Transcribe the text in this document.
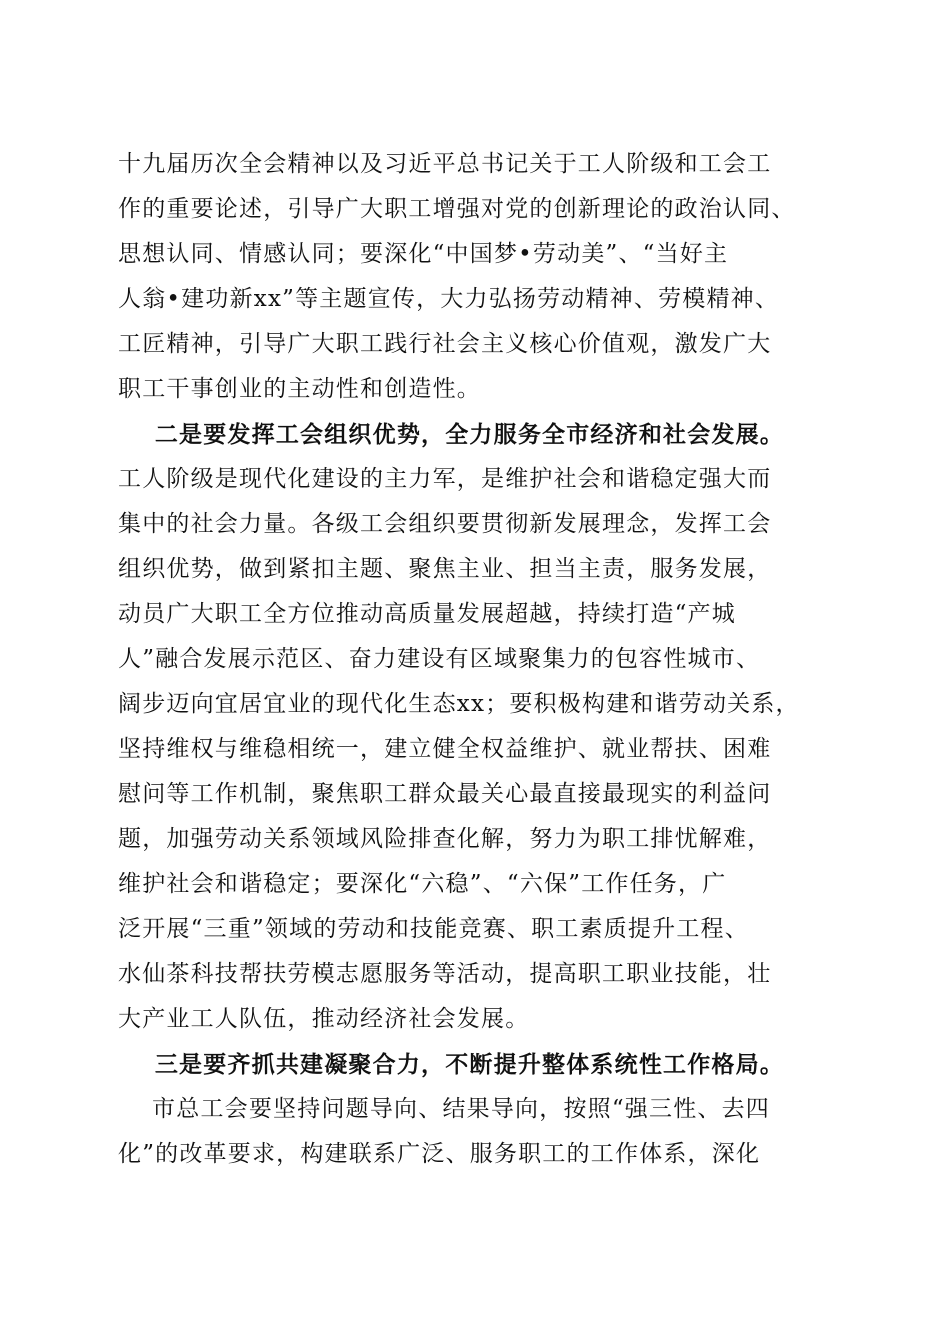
十九届历次全会精神以及习近平总书记关于工人阶级和工会工
作的重要论述，引导广大职工增强对党的创新理论的政治认同、
思想认同、情感认同；要深化“中国梦•劳动美”、“当好主
人翁•建功新xx”等主题宣传，大力弘扬劳动精神、劳模精神、
工匠精神，引导广大职工践行社会主义核心价值观，激发广大
职工干事创业的主动性和创造性。
二是要发挥工会组织优势，全力服务全市经济和社会发展。
工人阶级是现代化建设的主力军，是维护社会和谐稳定强大而
集中的社会力量。各级工会组织要贯彻新发展理念，发挥工会
组织优势，做到紧扣主题、聚焦主业、担当主责，服务发展，
动员广大职工全方位推动高质量发展超越，持续打造“产城
人”融合发展示范区、奋力建设有区域聚集力的包容性城市、
阔步迈向宜居宜业的现代化生态xx；要积极构建和谐劳动关系，
坚持维权与维稳相统一，建立健全权益维护、就业帮扶、困难
慰问等工作机制，聚焦职工群众最关心最直接最现实的利益问
题，加强劳动关系领域风险排查化解，努力为职工排忧解难，
维护社会和谐稳定；要深化“六稳”、“六保”工作任务，广
泛开展“三重”领域的劳动和技能竞赛、职工素质提升工程、
水仙茶科技帮扶劳模志愿服务等活动，提高职工职业技能，壮
大产业工人队伍，推动经济社会发展。
三是要齐抓共建凝聚合力，不断提升整体系统性工作格局。
市总工会要坚持问题导向、结果导向，按照“强三性、去四
化”的改革要求，构建联系广泛、服务职工的工作体系，深化
